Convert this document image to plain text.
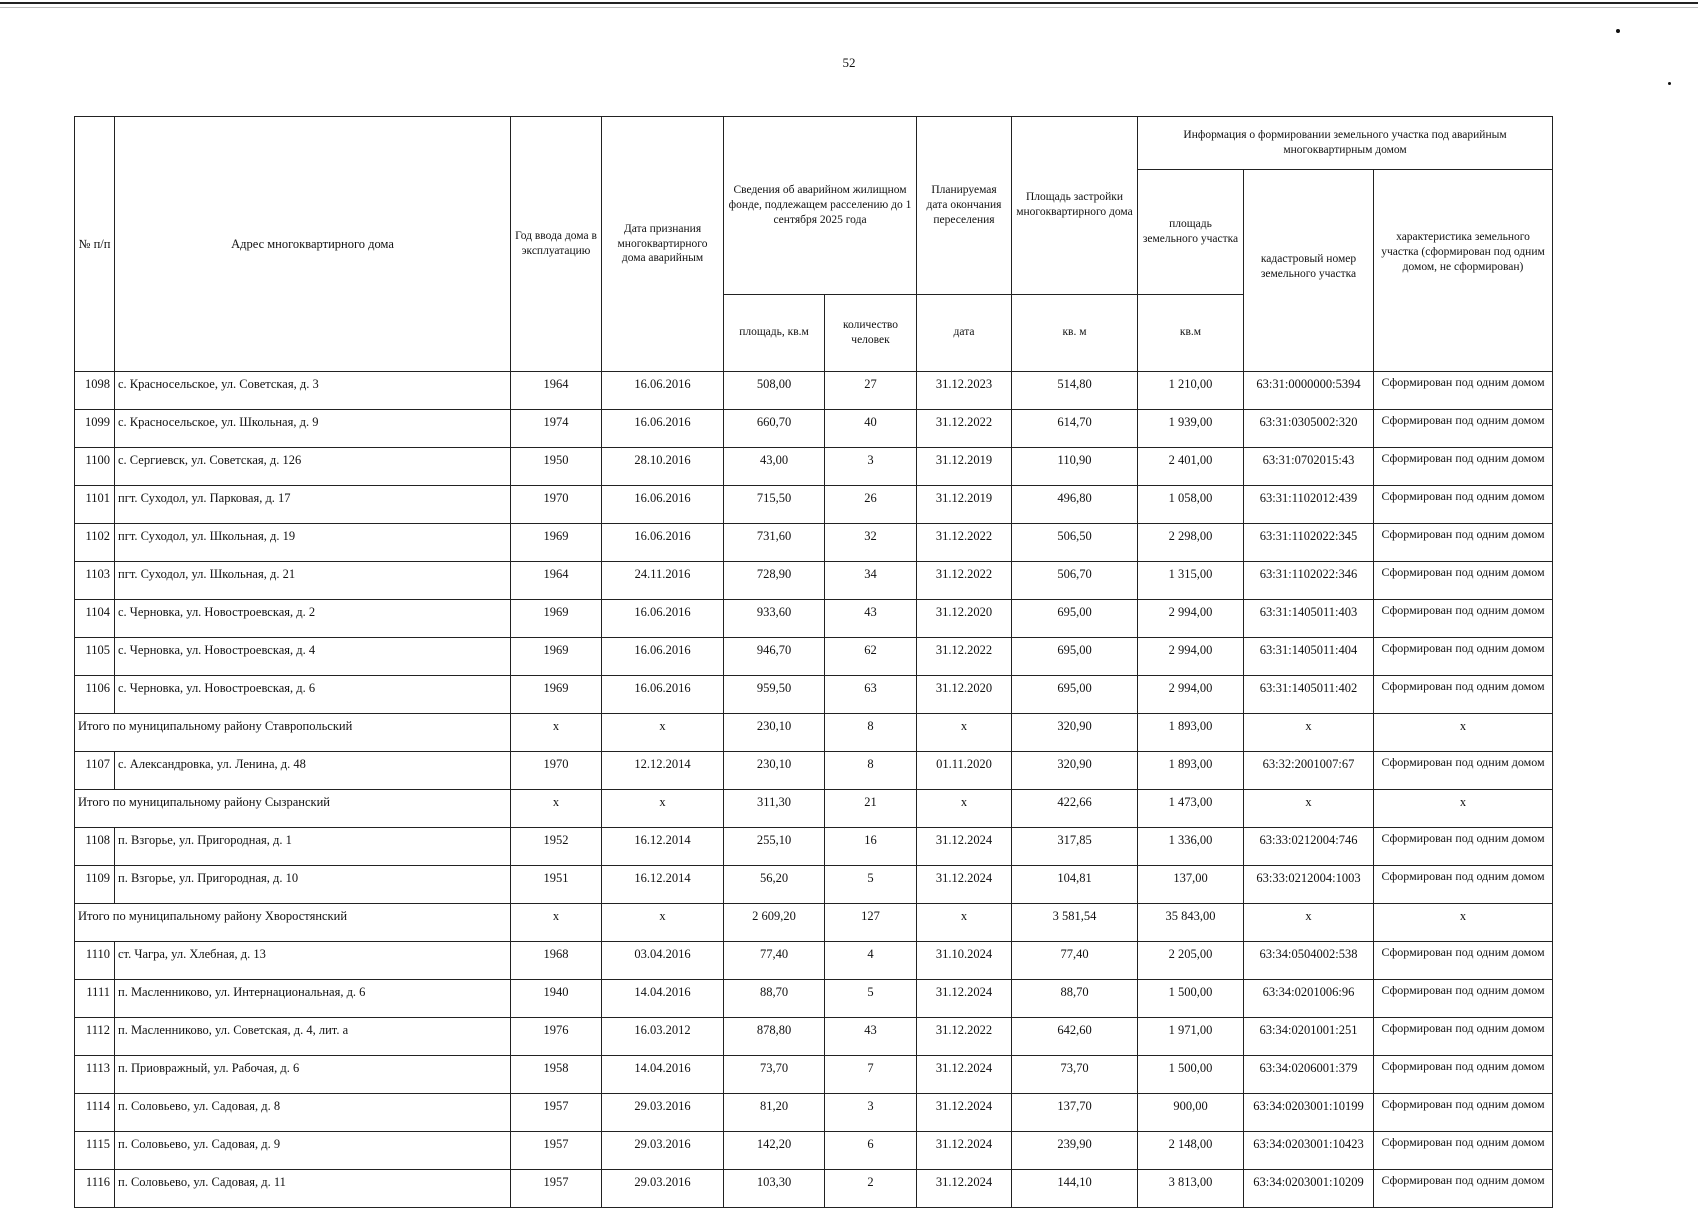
52
№ п/п	Адрес многоквартирного дома	Год ввода дома в эксплуатацию	Дата признания многоквартирного дома аварийным	Сведения об аварийном жилищном фонде, подлежащем расселению до 1 сентября 2025 года		Планируемая дата окончания переселения	Площадь застройки многоквартирного дома	Информация о формировании земельного участка под аварийным многоквартирным домом		
								площадь земельного участка	кадастровый номер земельного участка	характеристика земельного участка (сформирован под одним домом, не сформирован)
				площадь, кв.м	количество человек	дата	кв. м	кв.м		
1098	с. Красносельское, ул. Советская, д. 3	1964	16.06.2016	508,00	27	31.12.2023	514,80	1 210,00	63:31:0000000:5394	Сформирован под одним домом
1099	с. Красносельское, ул. Школьная, д. 9	1974	16.06.2016	660,70	40	31.12.2022	614,70	1 939,00	63:31:0305002:320	Сформирован под одним домом
1100	с. Сергиевск, ул. Советская, д. 126	1950	28.10.2016	43,00	3	31.12.2019	110,90	2 401,00	63:31:0702015:43	Сформирован под одним домом
1101	пгт. Суходол, ул. Парковая, д. 17	1970	16.06.2016	715,50	26	31.12.2019	496,80	1 058,00	63:31:1102012:439	Сформирован под одним домом
1102	пгт. Суходол, ул. Школьная, д. 19	1969	16.06.2016	731,60	32	31.12.2022	506,50	2 298,00	63:31:1102022:345	Сформирован под одним домом
1103	пгт. Суходол, ул. Школьная, д. 21	1964	24.11.2016	728,90	34	31.12.2022	506,70	1 315,00	63:31:1102022:346	Сформирован под одним домом
1104	с. Черновка, ул. Новостроевская, д. 2	1969	16.06.2016	933,60	43	31.12.2020	695,00	2 994,00	63:31:1405011:403	Сформирован под одним домом
1105	с. Черновка, ул. Новостроевская, д. 4	1969	16.06.2016	946,70	62	31.12.2022	695,00	2 994,00	63:31:1405011:404	Сформирован под одним домом
1106	с. Черновка, ул. Новостроевская, д. 6	1969	16.06.2016	959,50	63	31.12.2020	695,00	2 994,00	63:31:1405011:402	Сформирован под одним домом
Итого по муниципальному району Ставропольский		х	х	230,10	8	х	320,90	1 893,00	х	х
1107	с. Александровка, ул. Ленина, д. 48	1970	12.12.2014	230,10	8	01.11.2020	320,90	1 893,00	63:32:2001007:67	Сформирован под одним домом
Итого по муниципальному району Сызранский		х	х	311,30	21	х	422,66	1 473,00	х	х
1108	п. Взгорье, ул. Пригородная, д. 1	1952	16.12.2014	255,10	16	31.12.2024	317,85	1 336,00	63:33:0212004:746	Сформирован под одним домом
1109	п. Взгорье, ул. Пригородная, д. 10	1951	16.12.2014	56,20	5	31.12.2024	104,81	137,00	63:33:0212004:1003	Сформирован под одним домом
Итого по муниципальному району Хворостянский		х	х	2 609,20	127	х	3 581,54	35 843,00	х	х
1110	ст. Чагра, ул. Хлебная, д. 13	1968	03.04.2016	77,40	4	31.10.2024	77,40	2 205,00	63:34:0504002:538	Сформирован под одним домом
1111	п. Масленниково, ул. Интернациональная, д. 6	1940	14.04.2016	88,70	5	31.12.2024	88,70	1 500,00	63:34:0201006:96	Сформирован под одним домом
1112	п. Масленниково, ул. Советская, д. 4, лит. а	1976	16.03.2012	878,80	43	31.12.2022	642,60	1 971,00	63:34:0201001:251	Сформирован под одним домом
1113	п. Приовражный, ул. Рабочая, д. 6	1958	14.04.2016	73,70	7	31.12.2024	73,70	1 500,00	63:34:0206001:379	Сформирован под одним домом
1114	п. Соловьево, ул. Садовая, д. 8	1957	29.03.2016	81,20	3	31.12.2024	137,70	900,00	63:34:0203001:10199	Сформирован под одним домом
1115	п. Соловьево, ул. Садовая, д. 9	1957	29.03.2016	142,20	6	31.12.2024	239,90	2 148,00	63:34:0203001:10423	Сформирован под одним домом
1116	п. Соловьево, ул. Садовая, д. 11	1957	29.03.2016	103,30	2	31.12.2024	144,10	3 813,00	63:34:0203001:10209	Сформирован под одним домом
